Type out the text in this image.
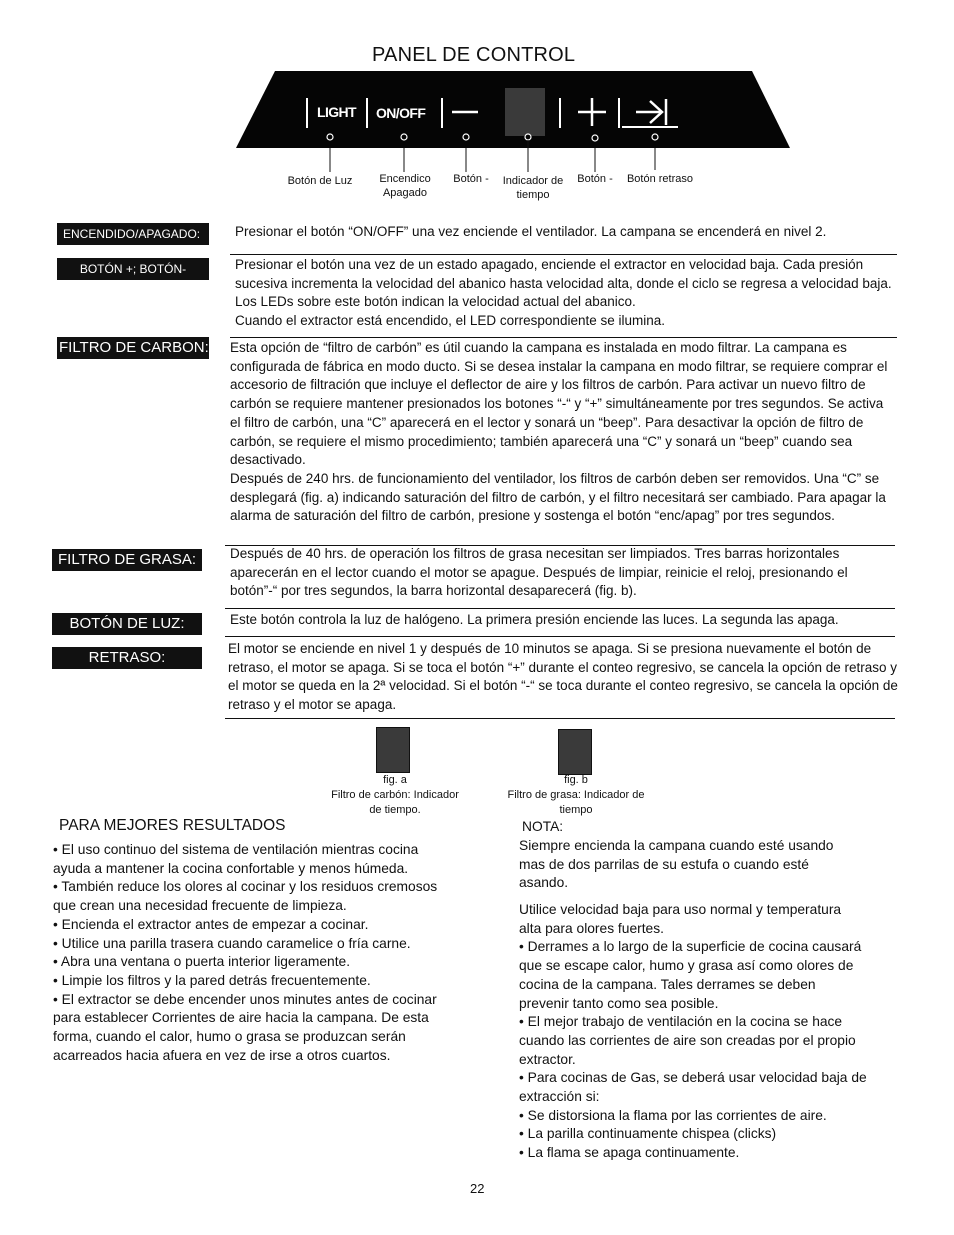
PANEL DE CONTROL
LIGHT ON/OFF
Botón de Luz	Encendico
Apagado
Botón -	Indicador de
tiempo
Botón -	Botón retraso
ENCENDIDO/APAGADO:	Presionar el botón “ON/OFF” una vez enciende el ventilador. La campana se encenderá en nivel 2.
BOTÓN +; BOTÓN-	Presionar el botón una vez de un estado apagado, enciende el extractor en velocidad baja. Cada presión sucesiva incrementa la velocidad del abanico hasta velocidad alta, donde el ciclo se regresa a velocidad baja. Los LEDs sobre este botón indican la velocidad actual del abanico.
Cuando el extractor está encendido, el LED correspondiente se ilumina.
FILTRO DE CARBON: Esta opción de “filtro de carbón” es útil cuando la campana es instalada en modo filtrar. La campana es configurada de fábrica en modo ducto. Si se desea instalar la campana en modo filtrar, se requiere comprar el accesorio de filtración que incluye el deflector de aire y los filtros de carbón. Para activar un nuevo filtro de carbón se requiere mantener presionados los botones “-“ y “+” simultáneamente por tres segundos. Se activa el filtro de carbón, una “C” aparecerá en el lector y sonará un “beep”. Para desactivar la opción de filtro de carbón, se requiere el mismo procedimiento; también aparecerá una “C” y sonará un “beep” cuando sea desactivado.
Después de 240 hrs. de funcionamiento del ventilador, los filtros de carbón deben ser removidos. Una “C” se desplegará (fig. a) indicando saturación del filtro de carbón, y el filtro necesitará ser cambiado. Para apagar la alarma de saturación del filtro de carbón, presione y sostenga el botón “enc/apag” por tres segundos.
FILTRO DE GRASA:	Después de 40 hrs. de operación los filtros de grasa necesitan ser limpiados. Tres barras horizontales aparecerán en el lector cuando el motor se apague. Después de limpiar, reinicie el reloj, presionando el botón”-“ por tres segundos, la barra horizontal desaparecerá (fig. b).
BOTÓN DE LUZ:	Este botón controla la luz de halógeno. La primera presión enciende las luces. La segunda las apaga.
RETRASO:
El motor se enciende en nivel 1 y después de 10 minutos se apaga. Si se presiona nuevamente el botón de retraso, el motor se apaga. Si se toca el botón “+” durante el conteo regresivo, se cancela la opción de retraso y el motor se queda en la 2ª velocidad. Si el botón “-“ se toca durante el conteo regresivo, se cancela la opción de retraso y el motor se apaga.
fig. a
Filtro de carbón: Indicador
de tiempo.
fig. b
Filtro de grasa: Indicador de
tiempo
PARA MEJORES RESULTADOS
• El uso continuo del sistema de ventilación mientras cocina
ayuda a mantener la cocina confortable y menos húmeda.
• También reduce los olores al cocinar y los residuos cremosos
que crean una necesidad frecuente de limpieza.
• Encienda el extractor antes de empezar a cocinar.
• Utilice una parilla trasera cuando caramelice o fría carne.
• Abra una ventana o puerta interior ligeramente.
• Limpie los filtros y la pared detrás frecuentemente.
• El extractor se debe encender unos minutes antes de cocinar
para establecer Corrientes de aire hacia la campana. De esta
forma, cuando el calor, humo o grasa se produzcan serán
acarreados hacia afuera en vez de irse a otros cuartos.
NOTA:
Siempre encienda la campana cuando esté usando
mas de dos parrilas de su estufa o cuando esté
asando.
Utilice velocidad baja para uso normal y temperatura
alta para olores fuertes.
• Derrames a lo largo de la superficie de cocina causará
que se escape calor, humo y grasa así como olores de
cocina de la campana. Tales derrames se deben
prevenir tanto como sea posible.
• El mejor trabajo de ventilación en la cocina se hace
cuando las corrientes de aire son creadas por el propio
extractor.
• Para cocinas de Gas, se deberá usar velocidad baja de
extracción si:
• Se distorsiona la flama por las corrientes de aire.
• La parilla continuamente chispea (clicks)
• La flama se apaga continuamente.
22
